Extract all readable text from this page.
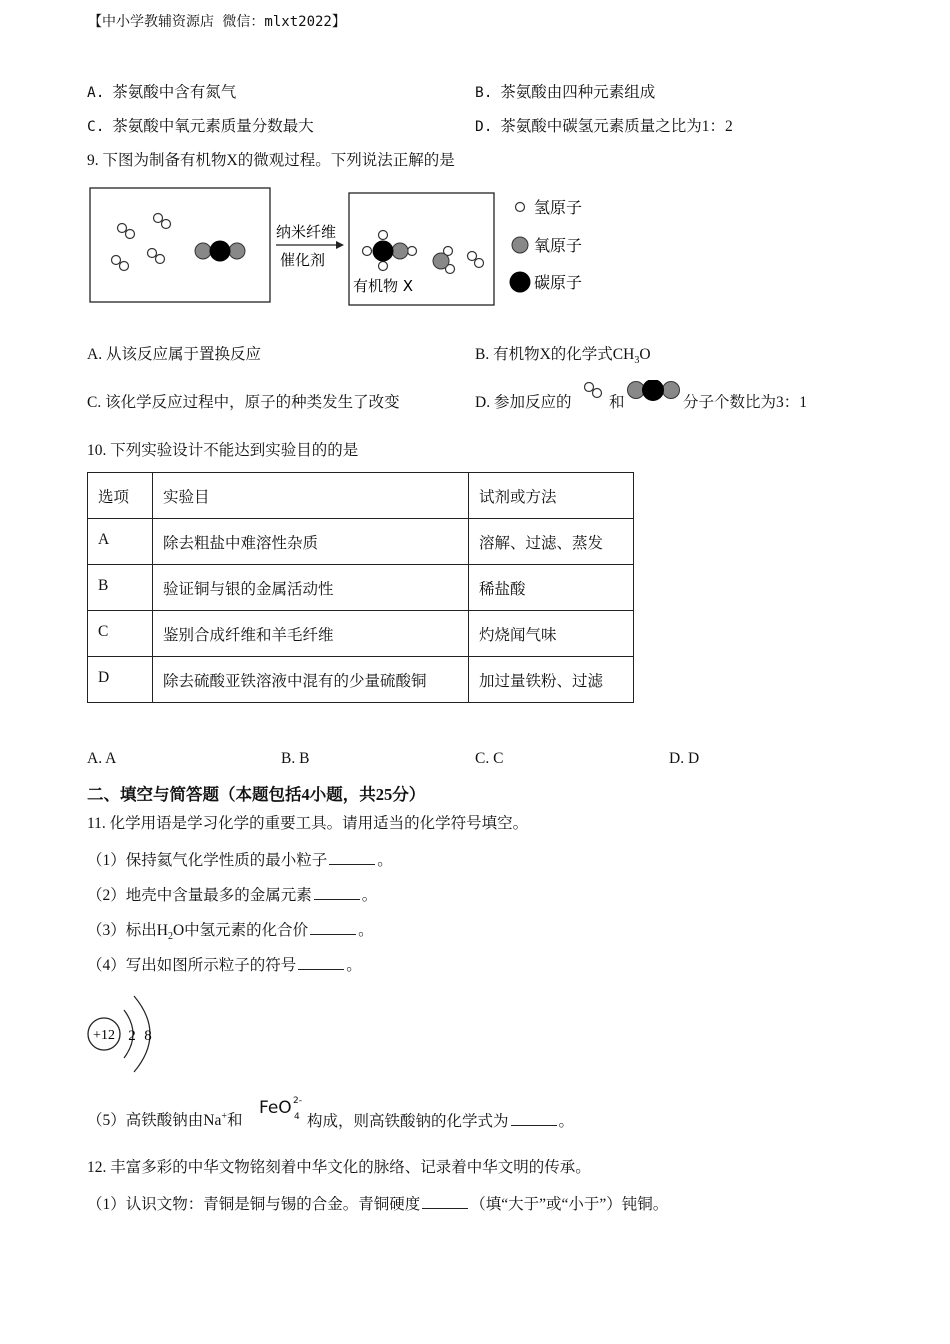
【中小学教辅资源店 微信：mlxt2022】
A. 茶氨酸中含有氮气	B. 茶氨酸由四种元素组成
C. 茶氨酸中氧元素质量分数最大	D. 茶氨酸中碳氢元素质量之比为1：2
9. 下图为制备有机物X的微观过程。下列说法正解的是
纳米纤维
催化剂
有机物 X
氢原子
氧原子
碳原子
A. 从该反应属于置换反应	B. 有机物X的化学式$CH_3O$
C. 该化学反应过程中，原子的种类发生了改变	D. 参加反应的 和	分子个数比为3：1
10. 下列实验设计不能达到实验目的的是
选项	实验目	试剂或方法
A	除去粗盐中难溶性杂质	溶解、过滤、蒸发
B	验证铜与银的金属活动性	稀盐酸
C	鉴别合成纤维和羊毛纤维	灼烧闻气味
D	除去硫酸亚铁溶液中混有的少量硫酸铜	加过量铁粉、过滤
A. A	B. B	C. C	D. D
二、填空与简答题（本题包括4小题，共25分）
11. 化学用语是学习化学的重要工具。请用适当的化学符号填空。
（1）保持氦气化学性质的最小粒子	。
（2）地壳中含量最多的金属元素	。
（3）标出$H_2O$中氢元素的化合价	。
（4）写出如图所示粒子的符号	。
+12 2 8
（5）高铁酸钠由Na+和
FeO 2-
4 构成，则高铁酸钠的化学式为	。
12. 丰富多彩的中华文物铭刻着中华文化的脉络、记录着中华文明的传承。
（1）认识文物：青铜是铜与锡的合金。青铜硬度	（填“大于”或“小于”）钝铜。
